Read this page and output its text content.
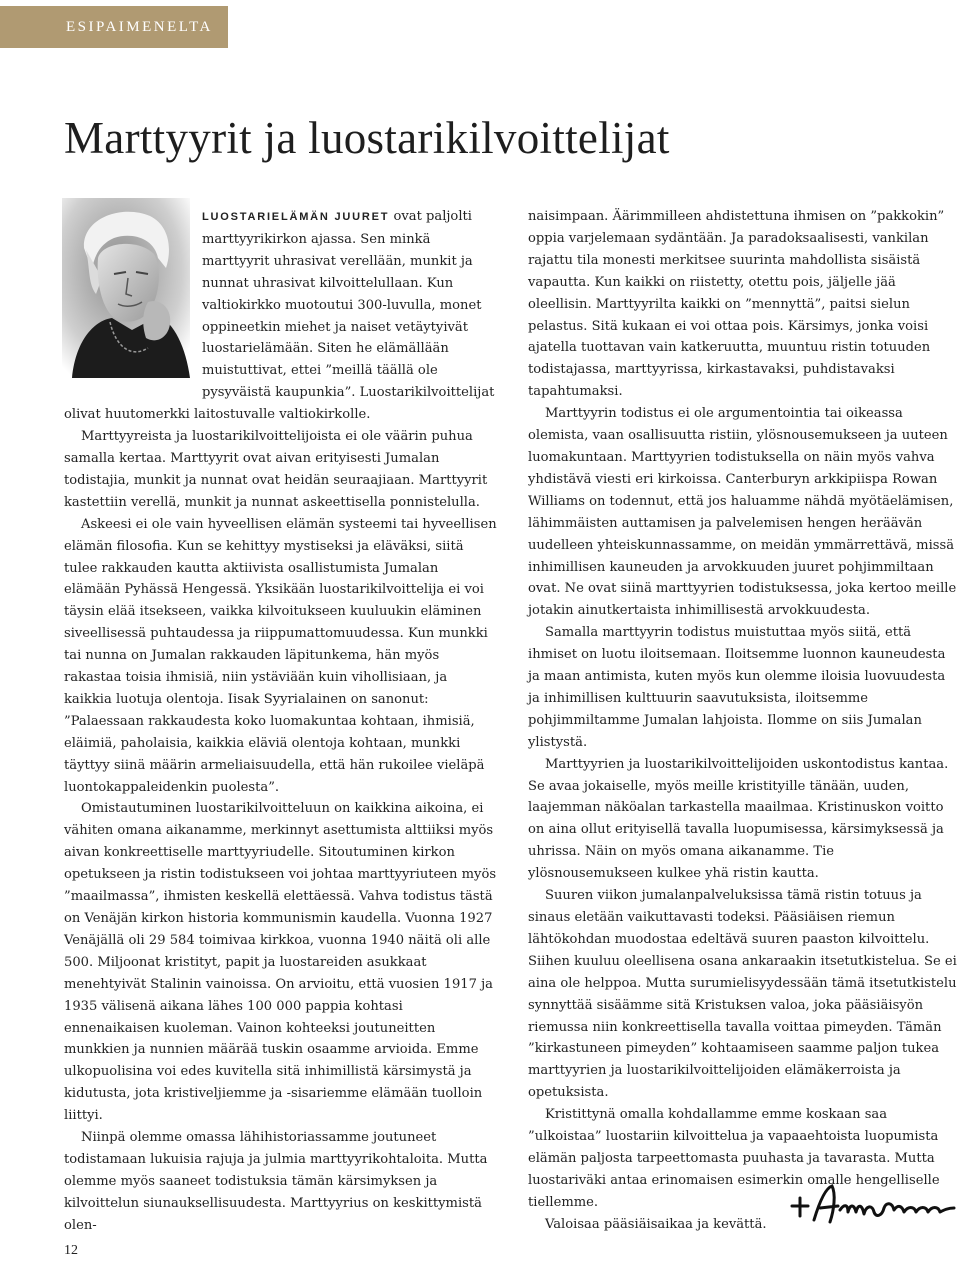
ESIPAIMENELTA
Marttyyrit ja luostarikilvoittelijat

LUOSTARIELÄMÄN JUURET ovat paljolti marttyyrikirkon ajassa. Sen minkä marttyyrit uhrasivat verellään, munkit ja nunnat uhrasivat kilvoittelullaan. Kun valtiokirkko muotoutui 300-luvulla, monet oppineetkin miehet ja naiset vetäytyivät luostarielämään. Siten he elämällään muistuttivat, ettei ”meillä täällä ole pysyväistä kaupunkia”. Luostarikilvoittelijat olivat huutomerkki laitostuvalle valtiokirkolle.

Marttyyreista ja luostarikilvoittelijoista ei ole väärin puhua samalla kertaa. Marttyyrit ovat aivan erityisesti Jumalan todistajia, munkit ja nunnat ovat heidän seuraajiaan. Marttyyrit kastettiin verellä, munkit ja nunnat askeettisella ponnistelulla.

Askeesi ei ole vain hyveellisen elämän systeemi tai hyveellisen elämän filosofia. Kun se kehittyy mystiseksi ja eläväksi, siitä tulee rakkauden kautta aktiivista osallistumista Jumalan elämään Pyhässä Hengessä. Yksikään luostarikilvoittelija ei voi täysin elää itsekseen, vaikka kilvoitukseen kuuluukin eläminen siveellisessä puhtaudessa ja riippumattomuudessa. Kun munkki tai nunna on Jumalan rakkauden läpitunkema, hän myös rakastaa toisia ihmisiä, niin ystäviään kuin vihollisiaan, ja kaikkia luotuja olentoja. Iisak Syyrialainen on sanonut: ”Palaessaan rakkaudesta koko luomakuntaa kohtaan, ihmisiä, eläimiä, paholaisia, kaikkia eläviä olentoja kohtaan, munkki täyttyy siinä määrin armeliaisuudella, että hän rukoilee vieläpä luontokappaleidenkin puolesta”.

Omistautuminen luostarikilvoitteluun on kaikkina aikoina, ei vähiten omana aikanamme, merkinnyt asettumista alttiiksi myös aivan konkreettiselle marttyyriudelle. Sitoutuminen kirkon opetukseen ja ristin todistukseen voi johtaa marttyyriuteen myös ”maailmassa”, ihmisten keskellä elettäessä. Vahva todistus tästä on Venäjän kirkon historia kommunismin kaudella. Vuonna 1927 Venäjällä oli 29 584 toimivaa kirkkoa, vuonna 1940 näitä oli alle 500. Miljoonat kristityt, papit ja luostareiden asukkaat menehtyivät Stalinin vainoissa. On arvioitu, että vuosien 1917 ja 1935 välisenä aikana lähes 100 000 pappia kohtasi ennenaikaisen kuoleman. Vainon kohteeksi joutuneitten munkkien ja nunnien määrää tuskin osaamme arvioida. Emme ulkopuolisina voi edes kuvitella sitä inhimillistä kärsimystä ja kidutusta, jota kristiveljiemme ja -sisariemme elämään tuolloin liittyi.

Niinpä olemme omassa lähihistoriassamme joutuneet todistamaan lukuisia rajuja ja julmia marttyyrikohtaloita. Mutta olemme myös saaneet todistuksia tämän kärsimyksen ja kilvoittelun siunauksellisuudesta. Marttyyrius on keskittymistä olen-

naisimpaan. Äärimmilleen ahdistettuna ihmisen on ”pakkokin” oppia varjelemaan sydäntään. Ja paradoksaalisesti, vankilan rajattu tila monesti merkitsee suurinta mahdollista sisäistä vapautta. Kun kaikki on riistetty, otettu pois, jäljelle jää oleellisin. Marttyyrilta kaikki on ”mennyttä”, paitsi sielun pelastus. Sitä kukaan ei voi ottaa pois. Kärsimys, jonka voisi ajatella tuottavan vain katkeruutta, muuntuu ristin totuuden todistajassa, marttyyrissa, kirkastavaksi, puhdistavaksi tapahtumaksi.

Marttyyrin todistus ei ole argumentointia tai oikeassa olemista, vaan osallisuutta ristiin, ylösnousemukseen ja uuteen luomakuntaan. Marttyyrien todistuksella on näin myös vahva yhdistävä viesti eri kirkoissa. Canterburyn arkkipiispa Rowan Williams on todennut, että jos haluamme nähdä myötäelämisen, lähimmäisten auttamisen ja palvelemisen hengen heräävän uudelleen yhteiskunnassamme, on meidän ymmärrettävä, missä inhimillisen kauneuden ja arvokkuuden juuret pohjimmiltaan ovat. Ne ovat siinä marttyyrien todistuksessa, joka kertoo meille jotakin ainutkertaista inhimillisestä arvokkuudesta.

Samalla marttyyrin todistus muistuttaa myös siitä, että ihmiset on luotu iloitsemaan. Iloitsemme luonnon kauneudesta ja maan antimista, kuten myös kun olemme iloisia luovuudesta ja inhimillisen kulttuurin saavutuksista, iloitsemme pohjimmiltamme Jumalan lahjoista. Ilomme on siis Jumalan ylistystä.

Marttyyrien ja luostarikilvoittelijoiden uskontodistus kantaa. Se avaa jokaiselle, myös meille kristityille tänään, uuden, laajemman näköalan tarkastella maailmaa. Kristinuskon voitto on aina ollut erityisellä tavalla luopumisessa, kärsimyksessä ja uhrissa. Näin on myös omana aikanamme. Tie ylösnousemukseen kulkee yhä ristin kautta.

Suuren viikon jumalanpalveluksissa tämä ristin totuus ja sinaus eletään vaikuttavasti todeksi. Pääsiäisen riemun lähtökohdan muodostaa edeltävä suuren paaston kilvoittelu. Siihen kuuluu oleellisena osana ankaraakin itsetutkistelua. Se ei aina ole helppoa. Mutta surumielisyydessään tämä itsetutkistelu synnyttää sisäämme sitä Kristuksen valoa, joka pääsiäisyön riemussa niin konkreettisella tavalla voittaa pimeyden. Tämän ”kirkastuneen pimeyden” kohtaamiseen saamme paljon tukea marttyyrien ja luostarikilvoittelijoiden elämäkerroista ja opetuksista.

Kristittynä omalla kohdallamme emme koskaan saa ”ulkoistaa” luostariin kilvoittelua ja vapaaehtoista luopumista elämän paljosta tarpeettomasta puuhasta ja tavarasta. Mutta luostariväki antaa erinomaisen esimerkin omalle hengelliselle tiellemme.

Valoisaa pääsiäisaikaa ja kevättä.

12
